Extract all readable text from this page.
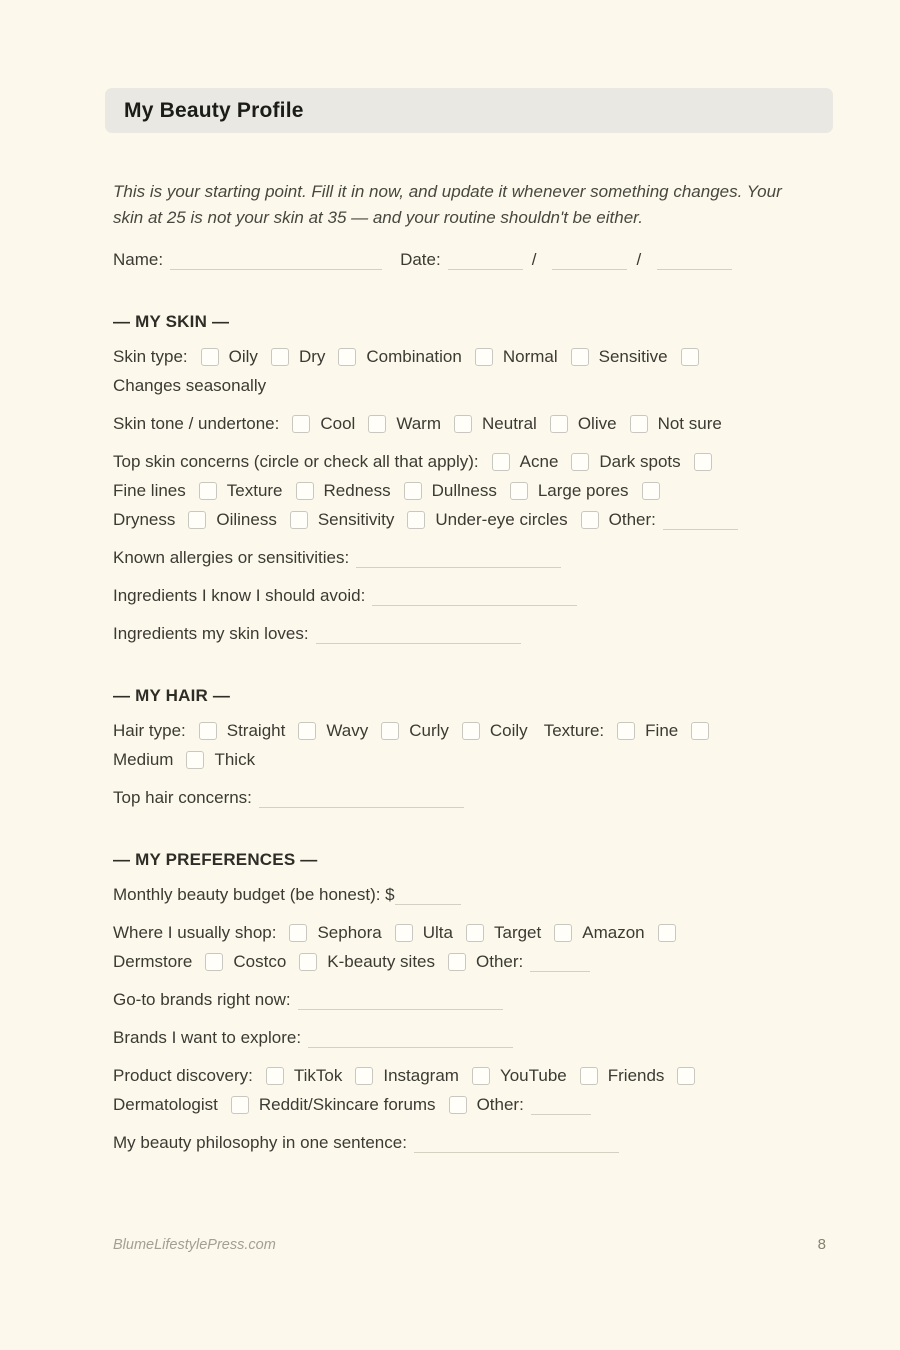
My Beauty Profile
This is your starting point. Fill it in now, and update it whenever something changes. Your
skin at 25 is not your skin at 35 — and your routine shouldn't be either.
Name:	Date:	/	/
— MY SKIN —
Skin type: Oily Dry Combination Normal Sensitive
Changes seasonally
Skin tone / undertone: Cool Warm Neutral Olive Not sure
Top skin concerns (circle or check all that apply): Acne Dark spots
Fine lines Texture Redness Dullness Large pores
Dryness Oiliness Sensitivity Under-eye circles Other:
Known allergies or sensitivities:
Ingredients I know I should avoid:
Ingredients my skin loves:
— MY HAIR —
Hair type: Straight Wavy Curly Coily Texture: Fine
Medium Thick
Top hair concerns:
— MY PREFERENCES —
Monthly beauty budget (be honest): $
Where I usually shop: Sephora Ulta Target Amazon
Dermstore Costco K-beauty sites Other:
Go-to brands right now:
Brands I want to explore:
Product discovery: TikTok Instagram YouTube Friends
Dermatologist Reddit/Skincare forums Other:
My beauty philosophy in one sentence:
BlumeLifestylePress.com	8
